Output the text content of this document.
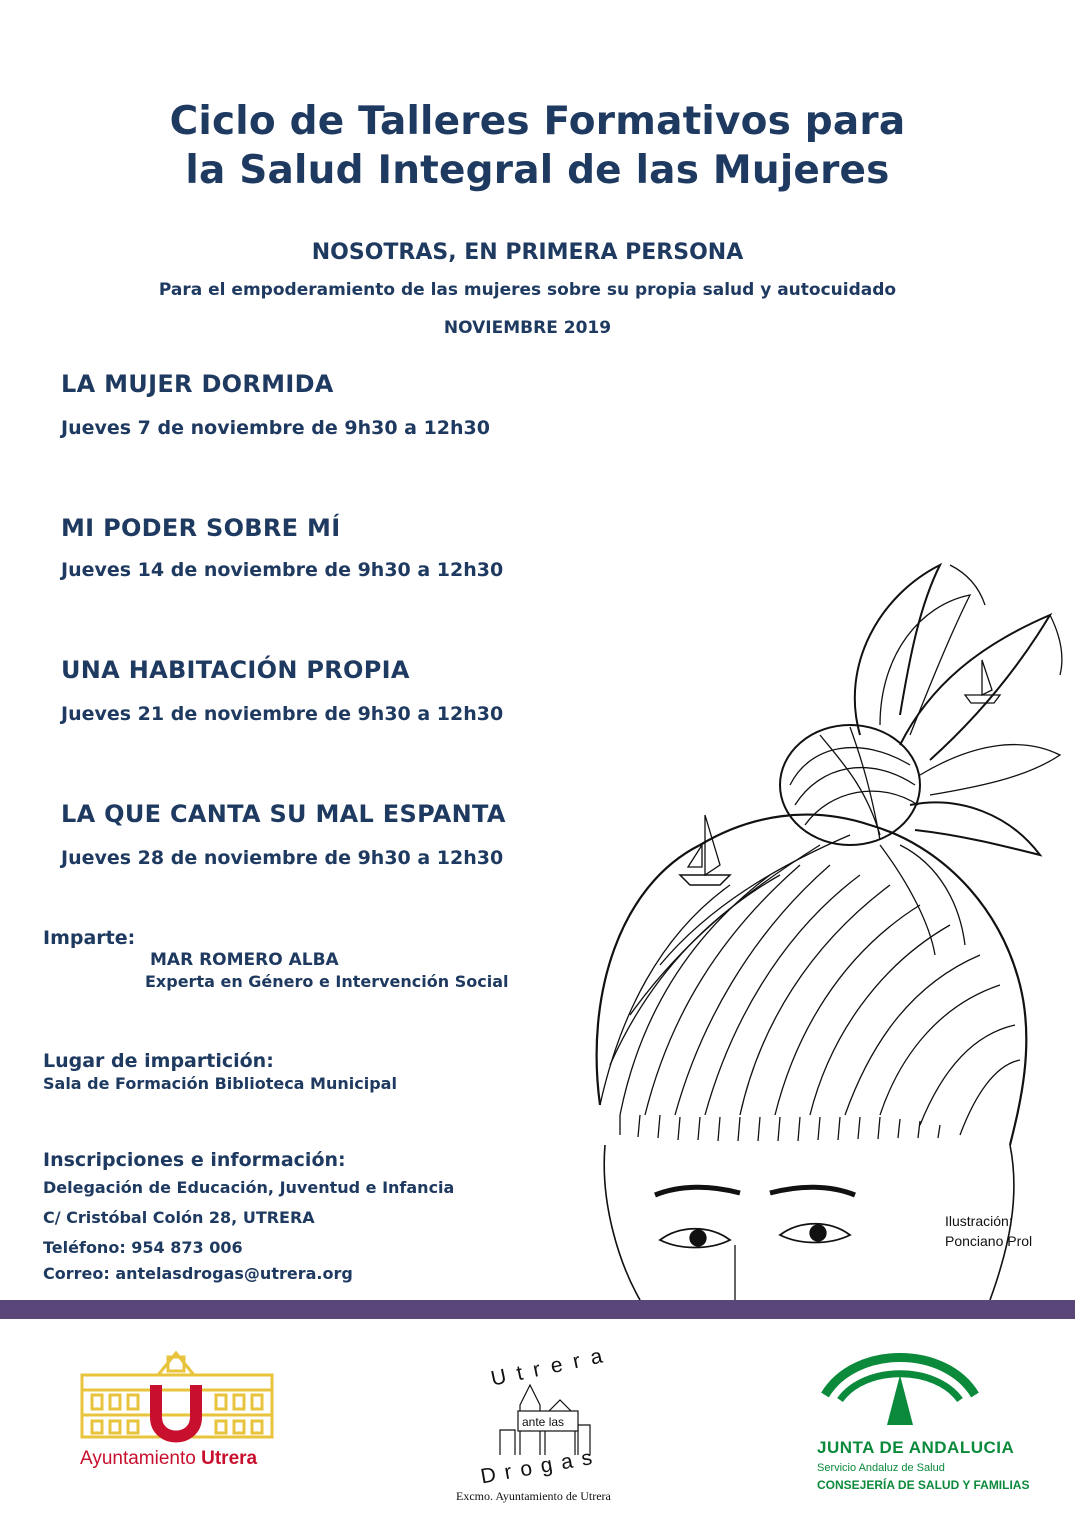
Ciclo de Talleres Formativos para
la Salud Integral de las Mujeres
NOSOTRAS, EN PRIMERA PERSONA
Para el empoderamiento de las mujeres sobre su propia salud y autocuidado
NOVIEMBRE 2019
LA MUJER DORMIDA
Jueves 7 de noviembre de 9h30 a 12h30
MI PODER SOBRE MÍ
Jueves 14 de noviembre de 9h30 a 12h30
UNA HABITACIÓN PROPIA
Jueves 21 de noviembre de 9h30 a 12h30
LA QUE CANTA SU MAL ESPANTA
Jueves 28 de noviembre de 9h30 a 12h30
Imparte:
MAR ROMERO ALBA
Experta en Género e Intervención Social
Lugar de impartición:
Sala de Formación Biblioteca Municipal
Inscripciones e información:
Delegación de Educación, Juventud e Infancia
C/ Cristóbal Colón 28, UTRERA
Teléfono: 954 873 006
Correo: antelasdrogas@utrera.org
Ilustración:
Ponciano Prol
Ayuntamiento Utrera
Utrera
ante las
Drogas
Excmo. Ayuntamiento de Utrera
JUNTA DE ANDALUCIA
Servicio Andaluz de Salud
CONSEJERÍA DE SALUD Y FAMILIAS
